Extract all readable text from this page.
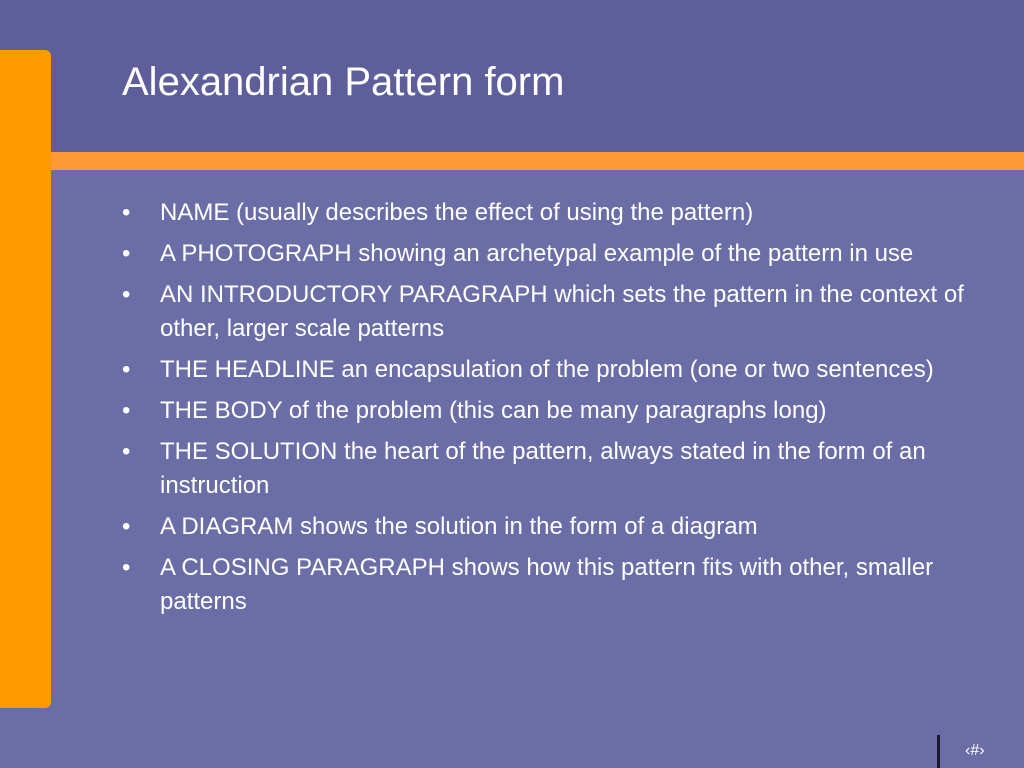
Alexandrian Pattern form
• NAME (usually describes the effect of using the pattern)
• A PHOTOGRAPH showing an archetypal example of the pattern in use
• AN INTRODUCTORY PARAGRAPH which sets the pattern in the context of other, larger scale patterns
• THE HEADLINE an encapsulation of the problem (one or two sentences)
• THE BODY of the problem (this can be many paragraphs long)
• THE SOLUTION the heart of the pattern, always stated in the form of an instruction
• A DIAGRAM shows the solution in the form of a diagram
• A CLOSING PARAGRAPH shows how this pattern fits with other, smaller patterns
‹#›
